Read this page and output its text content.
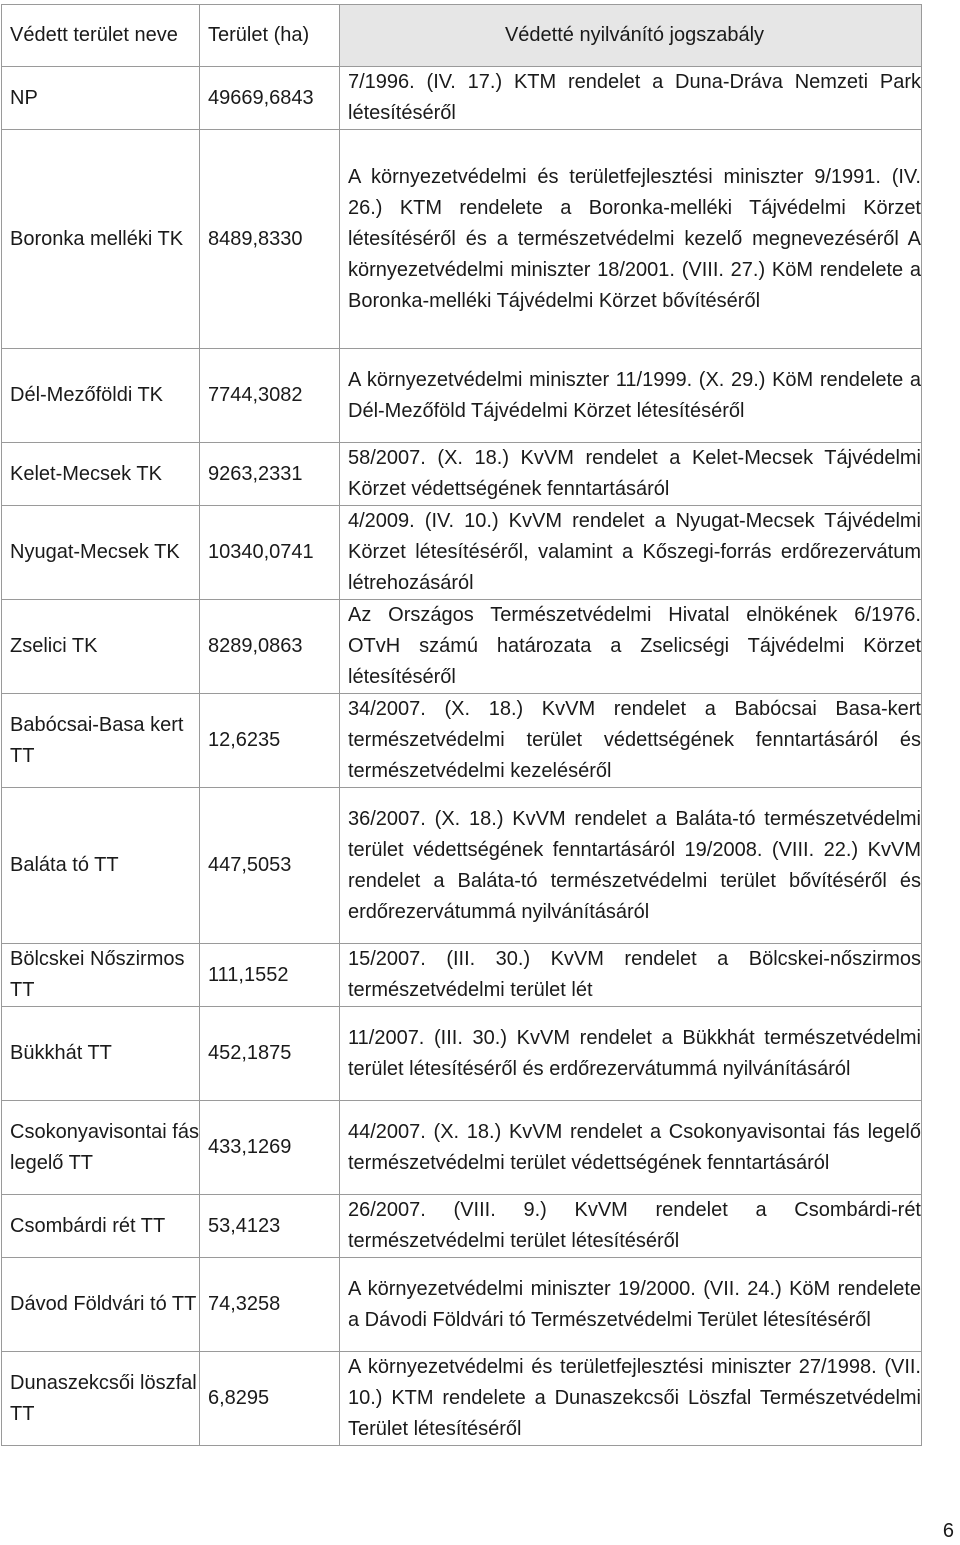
Védett terület neve	Terület (ha)	Védetté nyilvánító jogszabály
NP	49669,6843	7/1996. (IV. 17.) KTM rendelet a Duna-Dráva Nemzeti Park létesítéséről
Boronka melléki TK	8489,8330	A környezetvédelmi és területfejlesztési miniszter 9/1991. (IV. 26.) KTM rendelete a Boronka-melléki Tájvédelmi Körzet létesítéséről és a természetvédelmi kezelő megnevezéséről A környezetvédelmi miniszter 18/2001. (VIII. 27.) KöM rendelete a Boronka-melléki Tájvédelmi Körzet bővítéséről
Dél-Mezőföldi TK	7744,3082	A környezetvédelmi miniszter 11/1999. (X. 29.) KöM rendelete a Dél-Mezőföld Tájvédelmi Körzet létesítéséről
Kelet-Mecsek TK	9263,2331	58/2007. (X. 18.) KvVM rendelet a Kelet-Mecsek Tájvédelmi Körzet védettségének fenntartásáról
Nyugat-Mecsek TK	10340,0741	4/2009. (IV. 10.) KvVM rendelet a Nyugat-Mecsek Tájvédelmi Körzet létesítéséről, valamint a Kőszegi-forrás erdőrezervátum létrehozásáról
Zselici TK	8289,0863	Az Országos Természetvédelmi Hivatal elnökének 6/1976. OTvH számú határozata a Zselicségi Tájvédelmi Körzet létesítéséről
Babócsai-Basa kert TT	12,6235	34/2007. (X. 18.) KvVM rendelet a Babócsai Basa-kert természetvédelmi terület védettségének fenntartásáról és természetvédelmi kezeléséről
Baláta tó TT	447,5053	36/2007. (X. 18.) KvVM rendelet a Baláta-tó természetvédelmi terület védettségének fenntartásáról 19/2008. (VIII. 22.) KvVM rendelet a Baláta-tó természetvédelmi terület bővítéséről és erdőrezervátummá nyilvánításáról
Bölcskei Nőszirmos TT	111,1552	15/2007. (III. 30.) KvVM rendelet a Bölcskei-nőszirmos természetvédelmi terület lét
Bükkhát TT	452,1875	11/2007. (III. 30.) KvVM rendelet a Bükkhát természetvédelmi terület létesítéséről és erdőrezervátummá nyilvánításáról
Csokonyavisontai fás legelő TT	433,1269	44/2007. (X. 18.) KvVM rendelet a Csokonyavisontai fás legelő természetvédelmi terület védettségének fenntartásáról
Csombárdi rét TT	53,4123	26/2007. (VIII. 9.) KvVM rendelet a Csombárdi-rét természetvédelmi terület létesítéséről
Dávod Földvári tó TT	74,3258	A környezetvédelmi miniszter 19/2000. (VII. 24.) KöM rendelete a Dávodi Földvári tó Természetvédelmi Terület létesítéséről
Dunaszekcsői löszfal TT	6,8295	A környezetvédelmi és területfejlesztési miniszter 27/1998. (VII. 10.) KTM rendelete a Dunaszekcsői Löszfal Természetvédelmi Terület létesítéséről
6
